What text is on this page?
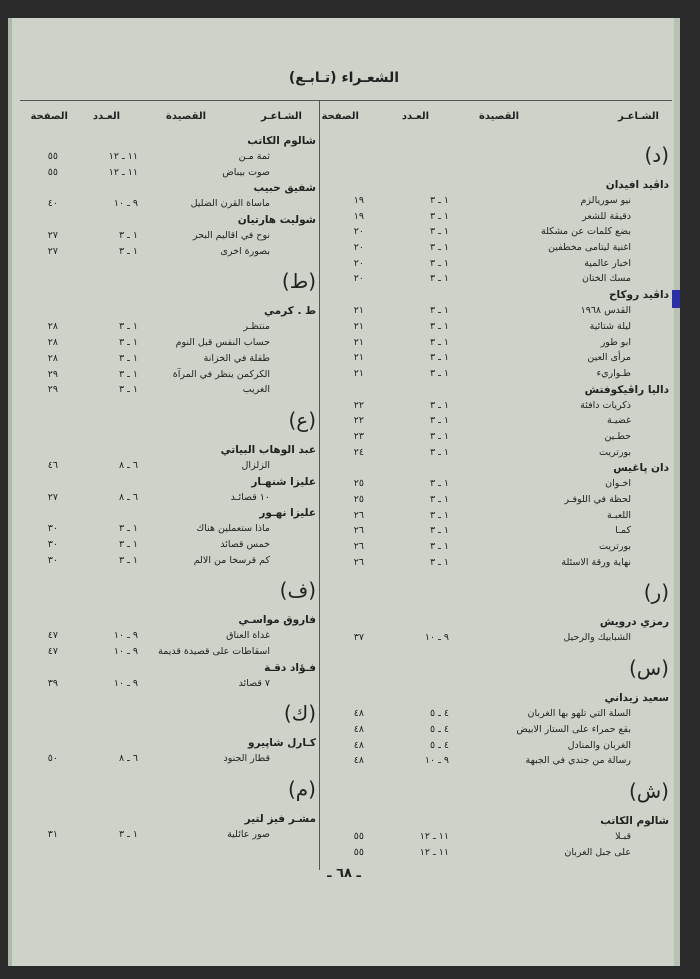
الشعـراء (تـابـع)
الشـاعـر
القصيدة
العـدد
الصفحة
(د)
داڤيد افيدان
نيو سوريالزم
١ ـ ٣
١٩
دقيقة للشعر
١ ـ ٣
١٩
بضع كلمات عن مشكلة
١ ـ ٣
٢٠
اغنية ليتامى مخطفين
١ ـ ٣
٢٠
اخبار عالمية
١ ـ ٣
٢٠
مسك الختان
١ ـ ٣
٢٠
داڤيد روكاح
القدس ١٩٦٨
١ ـ ٣
٢١
ليلة شتائية
١ ـ ٣
٢١
ابو طور
١ ـ ٣
٢١
مرأى العين
١ ـ ٣
٢١
طـواريء
١ ـ ٣
٢١
داليا راڤيكوفتش
ذكريات دافئة
١ ـ ٣
٢٢
غضيـة
١ ـ ٣
٢٢
حطـين
١ ـ ٣
٢٣
بورتريت
١ ـ ٣
٢٤
دان پاغيس
اخـوان
١ ـ ٣
٢٥
لحظة في اللوفـر
١ ـ ٣
٢٥
اللعبـة
١ ـ ٣
٢٦
كمـا
١ ـ ٣
٢٦
بورتريت
١ ـ ٣
٢٦
نهاية ورقة الاسئلة
١ ـ ٣
٢٦
(ر)
رمزي درويش
الشبابيك والرحيل
٩ ـ ١٠
٣٧
(س)
سعيد زيداني
السلة التي تلهو بها الغربان
٤ ـ ٥
٤٨
بقع حمراء على الستار الابيض
٤ ـ ٥
٤٨
الغربان والمنادل
٤ ـ ٥
٤٨
رسالة من جندي في الجبهة
٩ ـ ١٠
٤٨
(ش)
شالوم الكاتب
قبـلا
١١ ـ ١٢
٥٥
على جبل الغربان
١١ ـ ١٢
٥٥
الشـاعـر
القصيدة
العـدد
الصفحة
شالوم الكاتب
ثمة مـن
١١ ـ ١٢
٥٥
صوت بيباض
١١ ـ ١٢
٥٥
شفيق حبيب
ماساة القرن الضليل
٩ ـ ١٠
٤٠
شوليت هارتيان
نوح في اقاليم البحر
١ ـ ٣
٢٧
بصورة اخرى
١ ـ ٣
٢٧
(ط)
ط . كرمي
منتظـر
١ ـ ٣
٢٨
حساب النفس قبل النوم
١ ـ ٣
٢٨
طفلة في الخزانة
١ ـ ٣
٢٨
الكركمن ينظر في المرآة
١ ـ ٣
٢٩
الغريب
١ ـ ٣
٢٩
(ع)
عبد الوهاب البياتي
الزلزال
٦ ـ ٨
٤٦
عليزا شنهـار
١٠ قصائـد
٦ ـ ٨
٢٧
عليزا نهـور
ماذا ستعملين هناك
١ ـ ٣
٣٠
خمس قصائد
١ ـ ٣
٣٠
كم قرسخا من الالم
١ ـ ٣
٣٠
(ف)
فاروق مواسـي
غداة العناق
٩ ـ ١٠
٤٧
اسقاطات على قصيدة قديمة
٩ ـ ١٠
٤٧
فـؤاد دقـة
٧ قصائد
٩ ـ ١٠
٣٩
(ك)
كـارل شاپيرو
قطار الجنود
٦ ـ ٨
٥٠
(م)
مشـر فيز لتير
صور عائلية
١ ـ ٣
٣١
ـ ٦٨ ـ
